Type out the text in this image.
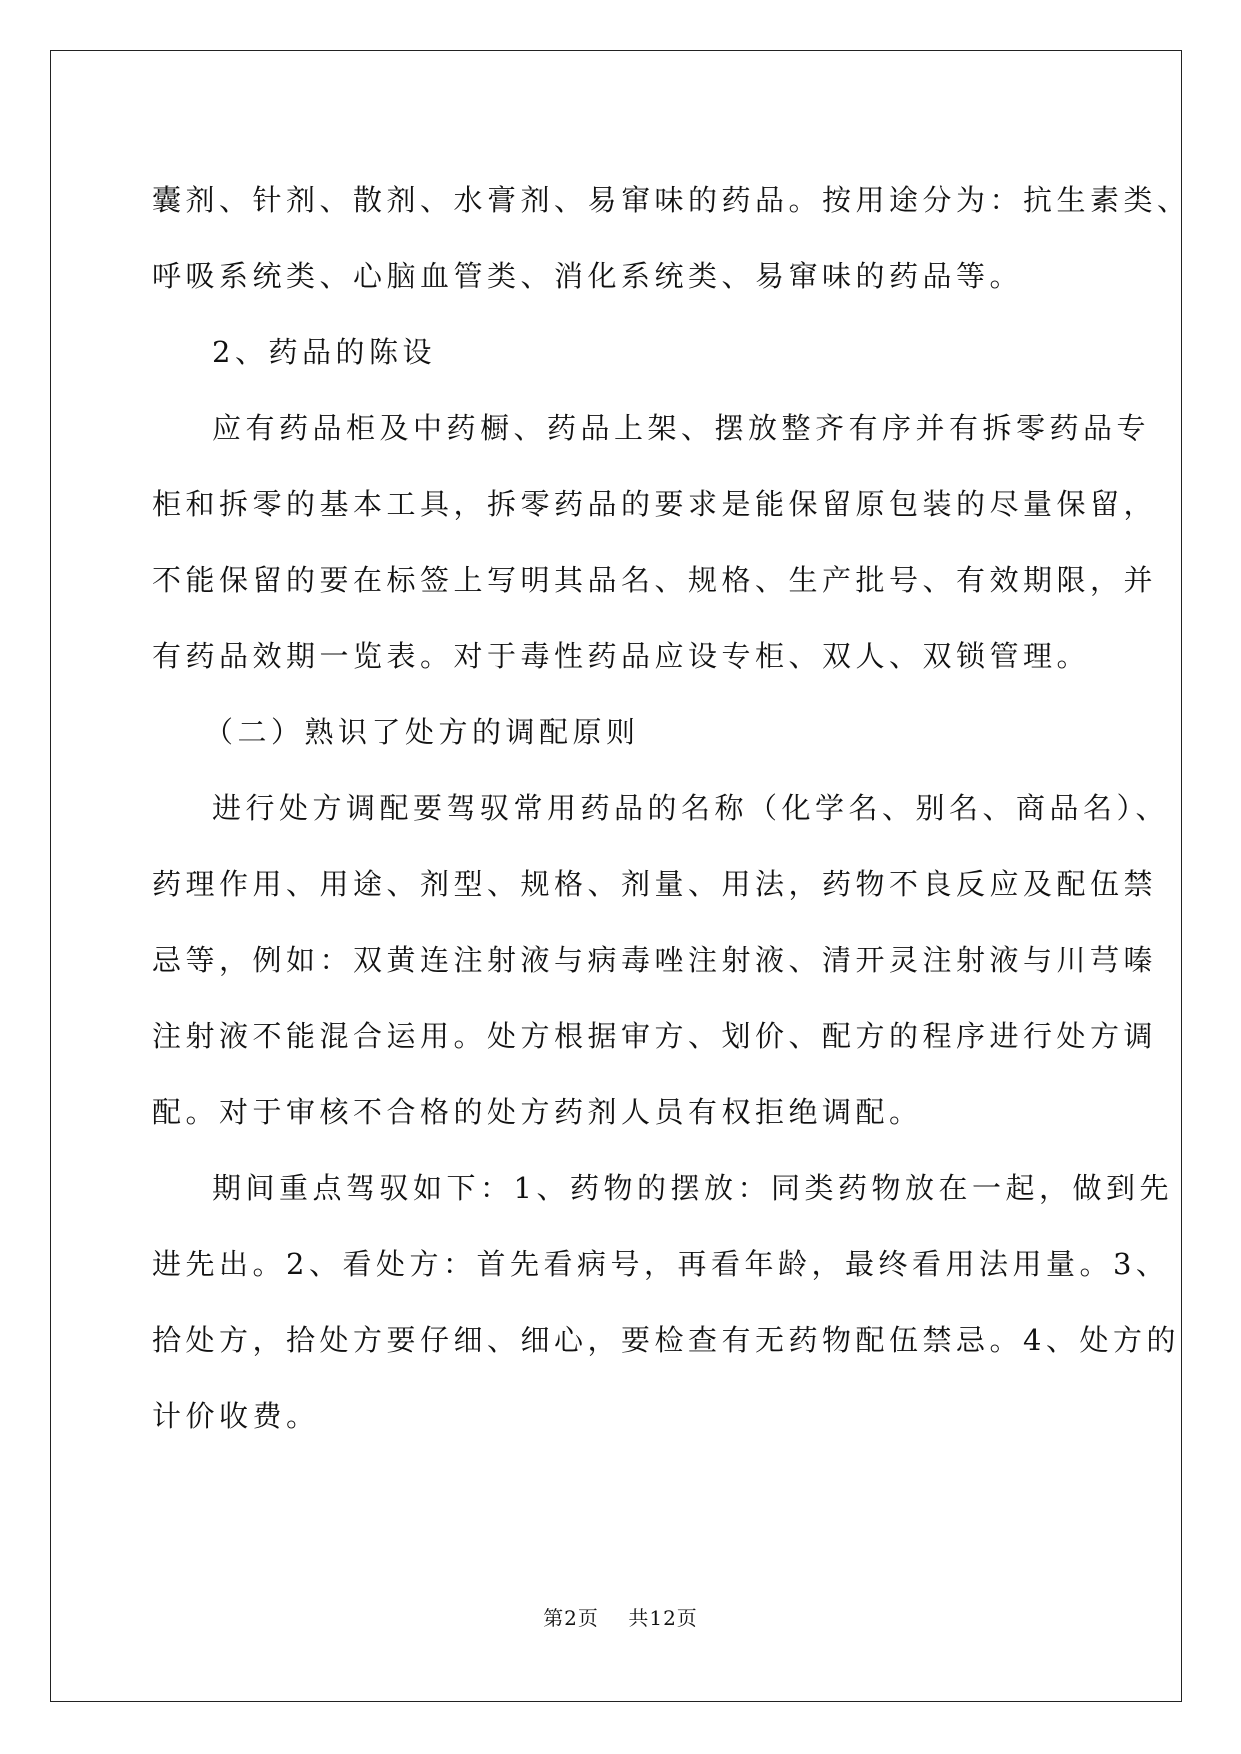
囊剂、针剂、散剂、水膏剂、易窜味的药品。按用途分为：抗生素类、
呼吸系统类、心脑血管类、消化系统类、易窜味的药品等。
2、药品的陈设
应有药品柜及中药橱、药品上架、摆放整齐有序并有拆零药品专
柜和拆零的基本工具，拆零药品的要求是能保留原包装的尽量保留，
不能保留的要在标签上写明其品名、规格、生产批号、有效期限，并
有药品效期一览表。对于毒性药品应设专柜、双人、双锁管理。
（二）熟识了处方的调配原则
进行处方调配要驾驭常用药品的名称（化学名、别名、商品名）、
药理作用、用途、剂型、规格、剂量、用法，药物不良反应及配伍禁
忌等，例如：双黄连注射液与病毒唑注射液、清开灵注射液与川芎嗪
注射液不能混合运用。处方根据审方、划价、配方的程序进行处方调
配。对于审核不合格的处方药剂人员有权拒绝调配。
期间重点驾驭如下：1、药物的摆放：同类药物放在一起，做到先
进先出。2、看处方：首先看病号，再看年龄，最终看用法用量。3、
拾处方，拾处方要仔细、细心，要检查有无药物配伍禁忌。4、处方的
计价收费。
第2页    共12页
